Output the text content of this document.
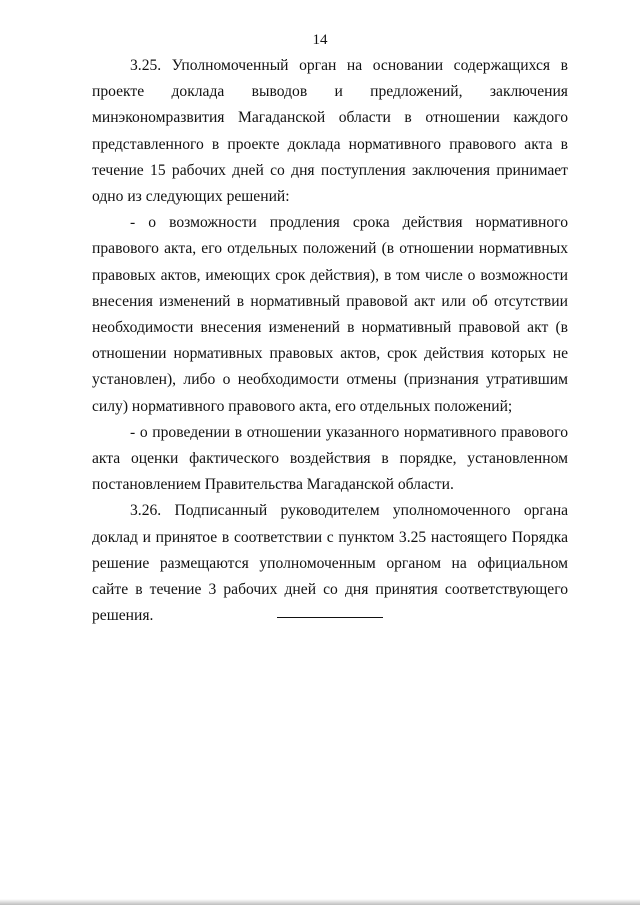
14

3.25. Уполномоченный орган на основании содержащихся в проекте доклада выводов и предложений, заключения минэкономразвития Магаданской области в отношении каждого представленного в проекте доклада нормативного правового акта в течение 15 рабочих дней со дня поступления заключения принимает одно из следующих решений:

- о возможности продления срока действия нормативного правового акта, его отдельных положений (в отношении нормативных правовых актов, имеющих срок действия), в том числе о возможности внесения изменений в нормативный правовой акт или об отсутствии необходимости внесения изменений в нормативный правовой акт (в отношении нормативных правовых актов, срок действия которых не установлен), либо о необходимости отмены (признания утратившим силу) нормативного правового акта, его отдельных положений;

- о проведении в отношении указанного нормативного правового акта оценки фактического воздействия в порядке, установленном постановлением Правительства Магаданской области.

3.26. Подписанный руководителем уполномоченного органа доклад и принятое в соответствии с пунктом 3.25 настоящего Порядка решение размещаются уполномоченным органом на официальном сайте в течение 3 рабочих дней со дня принятия соответствующего решения.
